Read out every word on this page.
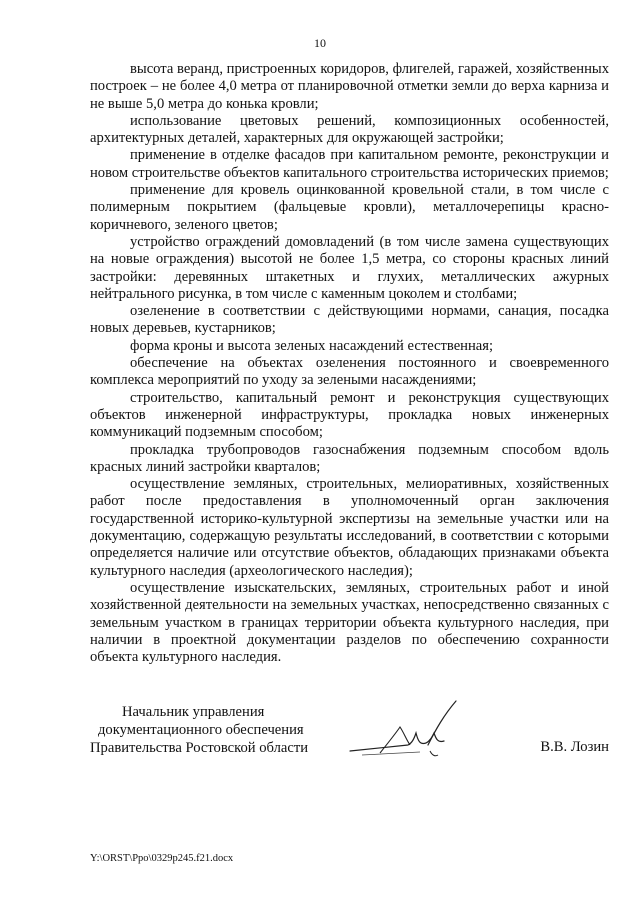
10

высота веранд, пристроенных коридоров, флигелей, гаражей, хозяйственных построек – не более 4,0 метра от планировочной отметки земли до верха карниза и не выше 5,0 метра до конька кровли;

использование цветовых решений, композиционных особенностей, архитектурных деталей, характерных для окружающей застройки;

применение в отделке фасадов при капитальном ремонте, реконструкции и новом строительстве объектов капитального строительства исторических приемов;

применение для кровель оцинкованной кровельной стали, в том числе с полимерным покрытием (фальцевые кровли), металлочерепицы красно-коричневого, зеленого цветов;

устройство ограждений домовладений (в том числе замена существующих на новые ограждения) высотой не более 1,5 метра, со стороны красных линий застройки: деревянных штакетных и глухих, металлических ажурных нейтрального рисунка, в том числе с каменным цоколем и столбами;

озеленение в соответствии с действующими нормами, санация, посадка новых деревьев, кустарников;

форма кроны и высота зеленых насаждений естественная;

обеспечение на объектах озеленения постоянного и своевременного комплекса мероприятий по уходу за зелеными насаждениями;

строительство, капитальный ремонт и реконструкция существующих объектов инженерной инфраструктуры, прокладка новых инженерных коммуникаций подземным способом;

прокладка трубопроводов газоснабжения подземным способом вдоль красных линий застройки кварталов;

осуществление земляных, строительных, мелиоративных, хозяйственных работ после предоставления в уполномоченный орган заключения государственной историко-культурной экспертизы на земельные участки или на документацию, содержащую результаты исследований, в соответствии с которыми определяется наличие или отсутствие объектов, обладающих признаками объекта культурного наследия (археологического наследия);

осуществление изыскательских, земляных, строительных работ и иной хозяйственной деятельности на земельных участках, непосредственно связанных с земельным участком в границах территории объекта культурного наследия, при наличии в проектной документации разделов по обеспечению сохранности объекта культурного наследия.

Начальник управления
документационного обеспечения
Правительства Ростовской области	В.В. Лозин
Y:\ORST\Ppo\0329p245.f21.docx
